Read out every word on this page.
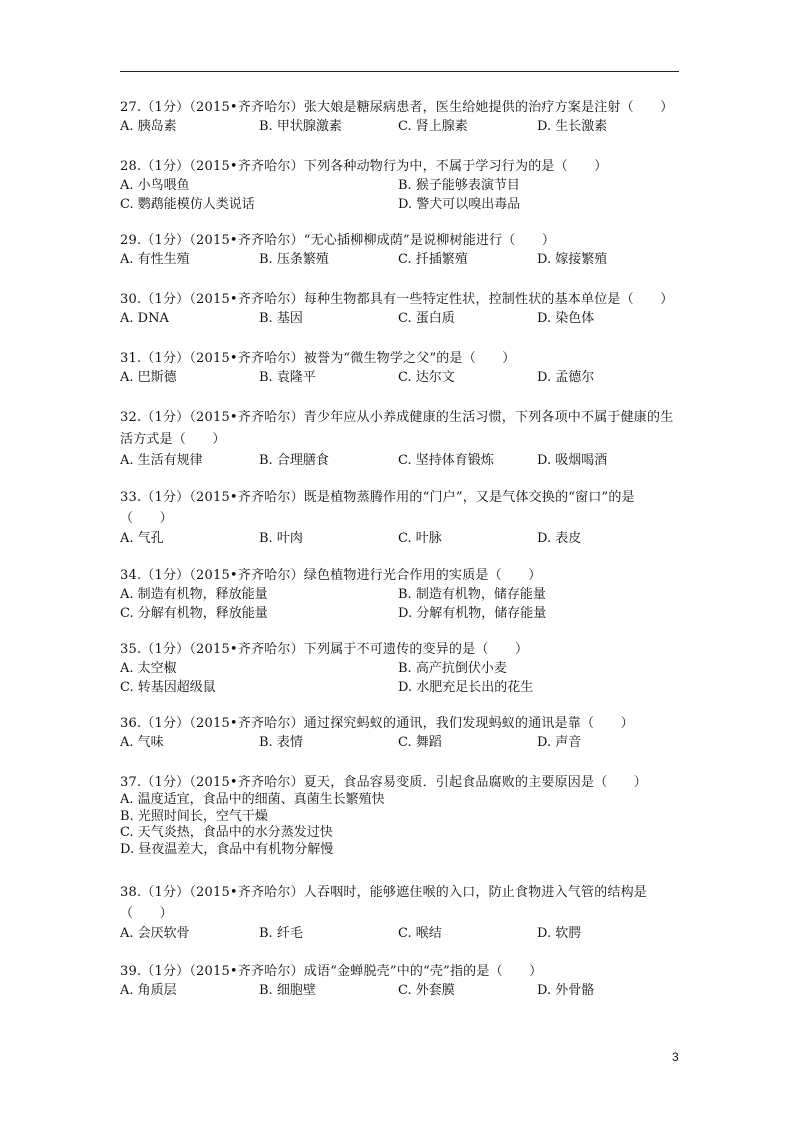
27.（1分）（2015•齐齐哈尔）张大娘是糖尿病患者，医生给她提供的治疗方案是注射（　　）
A. 胰岛素	B. 甲状腺激素	C. 肾上腺素	D. 生长激素
28.（1分）（2015•齐齐哈尔）下列各种动物行为中，不属于学习行为的是（　　）
A. 小鸟喂鱼	B. 猴子能够表演节目
C. 鹦鹉能模仿人类说话	D. 警犬可以嗅出毒品
29.（1分）（2015•齐齐哈尔）“无心插柳柳成荫”是说柳树能进行（　　）
A. 有性生殖	B. 压条繁殖	C. 扦插繁殖	D. 嫁接繁殖
30.（1分）（2015•齐齐哈尔）每种生物都具有一些特定性状，控制性状的基本单位是（　　）
A. DNA	B. 基因	C. 蛋白质	D. 染色体
31.（1分）（2015•齐齐哈尔）被誉为“微生物学之父”的是（　　）
A. 巴斯德	B. 袁隆平	C. 达尔文	D. 孟德尔
32.（1分）（2015•齐齐哈尔）青少年应从小养成健康的生活习惯，下列各项中不属于健康的生活方式是（　　）
A. 生活有规律	B. 合理膳食	C. 坚持体育锻炼	D. 吸烟喝酒
33.（1分）（2015•齐齐哈尔）既是植物蒸腾作用的“门户”，又是气体交换的“窗口”的是（　　）
A. 气孔	B. 叶肉	C. 叶脉	D. 表皮
34.（1分）（2015•齐齐哈尔）绿色植物进行光合作用的实质是（　　）
A. 制造有机物，释放能量	B. 制造有机物，储存能量
C. 分解有机物，释放能量	D. 分解有机物，储存能量
35.（1分）（2015•齐齐哈尔）下列属于不可遗传的变异的是（　　）
A. 太空椒	B. 高产抗倒伏小麦
C. 转基因超级鼠	D. 水肥充足长出的花生
36.（1分）（2015•齐齐哈尔）通过探究蚂蚁的通讯，我们发现蚂蚁的通讯是靠（　　）
A. 气味	B. 表情	C. 舞蹈	D. 声音
37.（1分）（2015•齐齐哈尔）夏天，食品容易变质．引起食品腐败的主要原因是（　　）
A. 温度适宜，食品中的细菌、真菌生长繁殖快
B. 光照时间长，空气干燥
C. 天气炎热，食品中的水分蒸发过快
D. 昼夜温差大，食品中有机物分解慢
38.（1分）（2015•齐齐哈尔）人吞咽时，能够遮住喉的入口，防止食物进入气管的结构是（　　）
A. 会厌软骨	B. 纤毛	C. 喉结	D. 软腭
39.（1分）（2015•齐齐哈尔）成语“金蝉脱壳”中的“壳”指的是（　　）
A. 角质层	B. 细胞壁	C. 外套膜	D. 外骨骼
3
